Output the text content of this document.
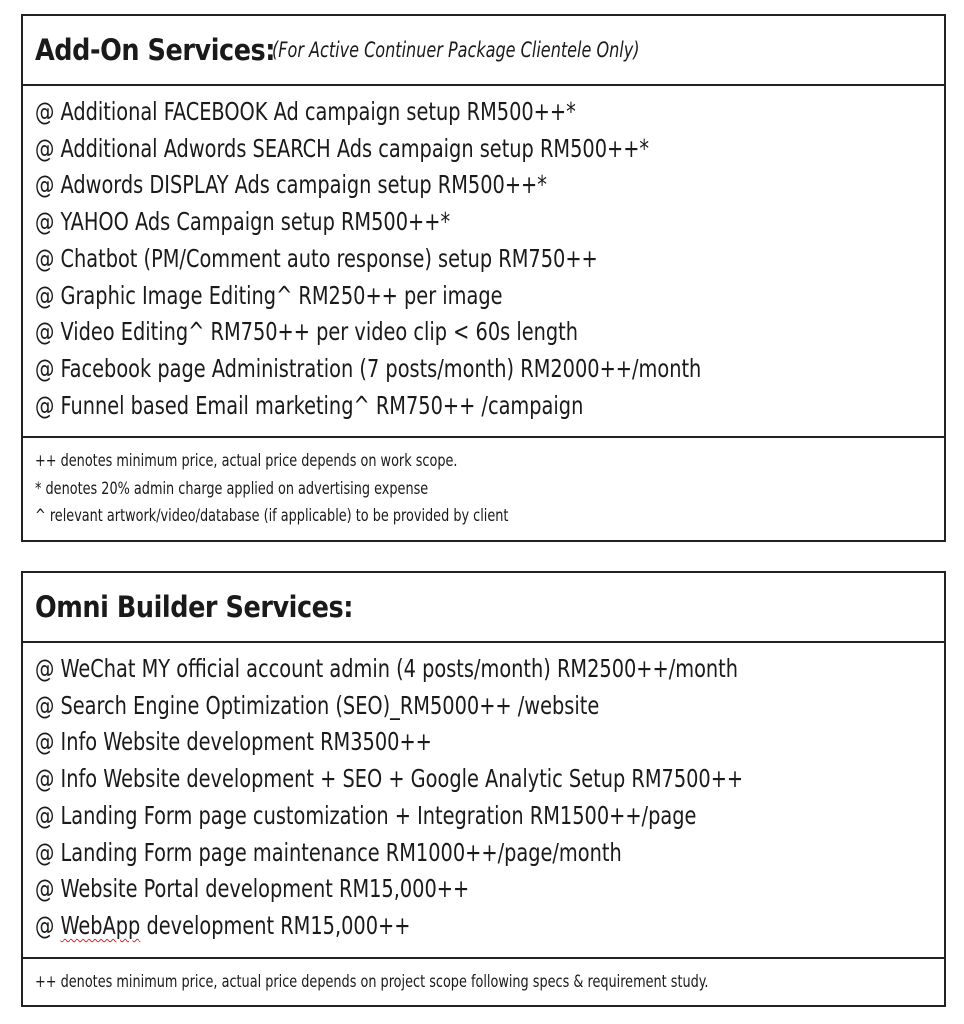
Add-On Services:
(For Active Continuer Package Clientele Only)
@ Additional FACEBOOK Ad campaign setup RM500++*
@ Additional Adwords SEARCH Ads campaign setup RM500++*
@ Adwords DISPLAY Ads campaign setup RM500++*
@ YAHOO Ads Campaign setup RM500++*
@ Chatbot (PM/Comment auto response) setup RM750++
@ Graphic Image Editing^ RM250++ per image
@ Video Editing^ RM750++ per video clip < 60s length
@ Facebook page Administration (7 posts/month) RM2000++/month
@ Funnel based Email marketing^ RM750++ /campaign
++ denotes minimum price, actual price depends on work scope.
* denotes 20% admin charge applied on advertising expense
^ relevant artwork/video/database (if applicable) to be provided by client
Omni Builder Services:
@ WeChat MY official account admin (4 posts/month) RM2500++/month
@ Search Engine Optimization (SEO)_RM5000++ /website
@ Info Website development RM3500++
@ Info Website development + SEO + Google Analytic Setup RM7500++
@ Landing Form page customization + Integration RM1500++/page
@ Landing Form page maintenance RM1000++/page/month
@ Website Portal development RM15,000++
@ WebApp development RM15,000++
++ denotes minimum price, actual price depends on project scope following specs & requirement study.
